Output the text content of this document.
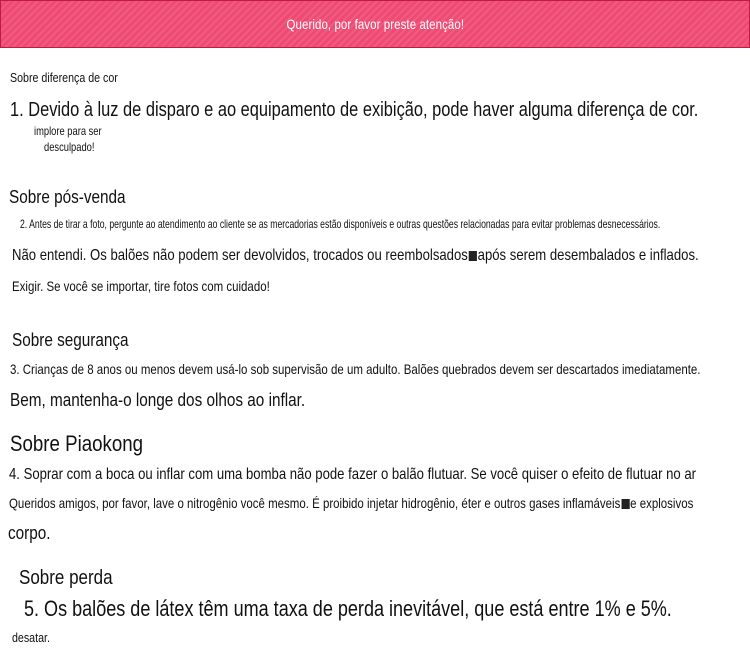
Querido, por favor preste atenção!
Sobre diferença de cor
1. Devido à luz de disparo e ao equipamento de exibição, pode haver alguma diferença de cor.
implore para ser
desculpado!
Sobre pós-venda
2. Antes de tirar a foto, pergunte ao atendimento ao cliente se as mercadorias estão disponíveis e outras questões relacionadas para evitar problemas desnecessários.
Não entendi. Os balões não podem ser devolvidos, trocados ou reembolsados após serem desembalados e inflados.
Exigir. Se você se importar, tire fotos com cuidado!
Sobre segurança
3. Crianças de 8 anos ou menos devem usá-lo sob supervisão de um adulto. Balões quebrados devem ser descartados imediatamente.
Bem, mantenha-o longe dos olhos ao inflar.
Sobre Piaokong
4. Soprar com a boca ou inflar com uma bomba não pode fazer o balão flutuar. Se você quiser o efeito de flutuar no ar
Queridos amigos, por favor, lave o nitrogênio você mesmo. É proibido injetar hidrogênio, éter e outros gases inflamáveis e explosivos
corpo.
Sobre perda
5. Os balões de látex têm uma taxa de perda inevitável, que está entre 1% e 5%.
desatar.
